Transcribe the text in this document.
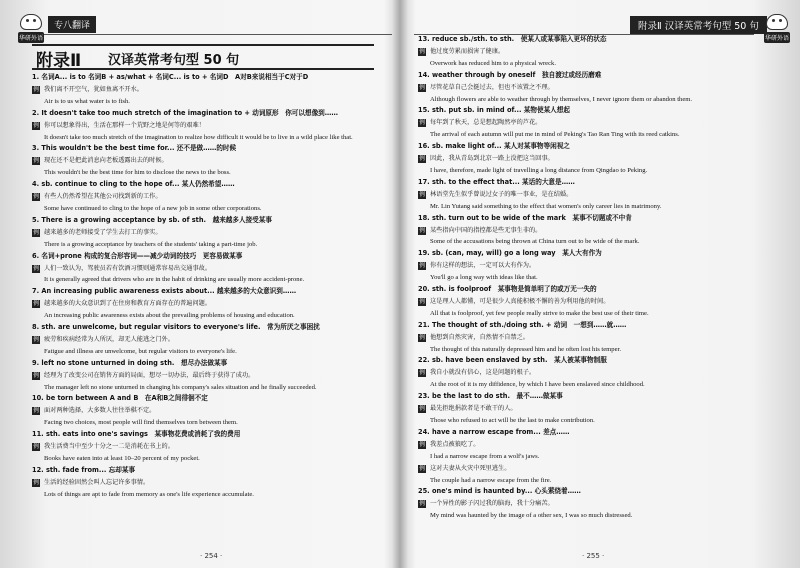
华研外语
专八翻译
附录Ⅱ 汉译英常考句型 50 句
1. 名词A... is to 名词B + as/what + 名词C... is to + 名词D　A对B来说相当于C对于D
例 我们离不开空气，犹如鱼离不开水。
Air is to us what water is to fish.
2. It doesn't take too much stretch of the imagination to + 动词原形　你可以想像到……
例 你可以想象得出，生活在那样一个荒野之地是何等的艰难！
It doesn't take too much stretch of the imagination to realize how difficult it would be to live in a wild place like that.
3. This wouldn't be the best time for... 还不是做……的时候
例 现在还不是把此消息向老板透露出去的时候。
This wouldn't be the best time for him to disclose the news to the boss.
4. sb. continue to cling to the hope of... 某人仍然希望……
例 有些人仍然希望在其他公司找到新的工作。
Some have continued to cling to the hope of a new job in some other corporations.
5. There is a growing acceptance by sb. of sth.　越来越多人接受某事
例 越来越多的老师接受了学生去打工的事实。
There is a growing acceptance by teachers of the students' taking a part-time job.
6. 名词+prone 构成的复合形容词——减少动词的技巧　更容易做某事
例 人们一致认为，驾驶员若有饮酒习惯则通常容易出交通事故。
It is generally agreed that drivers who are in the habit of drinking are usually more accident-prone.
7. An increasing public awareness exists about... 越来越多的大众意识到……
例 越来越多的大众意识到了在住房和教育方面存在的普遍问题。
An increasing public awareness exists about the prevailing problems of housing and education.
8. sth. are unwelcome, but regular visitors to everyone's life.　常为所厌之事困扰
例 疲劳和疾病经常为人所厌，却无人能逃之门外。
Fatigue and illness are unwelcome, but regular visitors to everyone's life.
9. left no stone unturned in doing sth.　想尽办法做某事
例 经理为了改变公司在销售方面的局面，想尽一切办法，最后终于获得了成功。
The manager left no stone unturned in changing his company's sales situation and he finally succeeded.
10. be torn between A and B　在A和B之间徘徊不定
例 面对两种选择，大多数人往往举棋不定。
Facing two choices, most people will find themselves torn between them.
11. sth. eats into one's savings　某事物花费或消耗了我的费用
例 我生活费当中至少十分之一二是消耗在书上的。
Books have eaten into at least 10–20 percent of my pocket.
12. sth. fade from... 忘却某事
例 生活的经验固然会叫人忘记许多事情。
Lots of things are apt to fade from memory as one's life experience accumulate.
· 254 ·
附录Ⅱ 汉译英常考句型 50 句
华研外语
13. reduce sb./sth. to sth.　使某人或某事陷入更坏的状态
例 他过度劳累而损害了健康。
Overwork has reduced him to a physical wreck.
14. weather through by oneself　独自渡过或经历磨难
例 尽管花草自己会挺过去，但也不该置之不理。
Although flowers are able to weather through by themselves, I never ignore them or abandon them.
15. sth. put sb. in mind of... 某物使某人想起
例 每年到了秋天，总是想起陶然亭的芦花。
The arrival of each autumn will put me in mind of Peking's Tao Ran Ting with its reed catkins.
16. sb. make light of... 某人对某事物等闲视之
例 因此，我从青岛到北京一路上没把这当回事。
I have, therefore, made light of travelling a long distance from Qingdao to Peking.
17. sth. to the effect that... 某话的大意是……
例 林语堂先生似乎曾说过女子的唯一事业，是在结婚。
Mr. Lin Yutang said something to the effect that women's only career lies in matrimony.
18. sth. turn out to be wide of the mark　某事不切题或不中肯
例 某些指向中国的指控都是些无事生非的。
Some of the accusations being thrown at China turn out to be wide of the mark.
19. sb. (can, may, will) go a long way　某人大有作为
例 你有这样的想法，一定可以大有作为。
You'll go a long way with ideas like that.
20. sth. is foolproof　某事物是简单明了的或万无一失的
例 这是理人人都懂，可是很少人真能积极不懈的善为利用他的时间。
All that is foolproof, yet few people really strive to make the best use of their time.
21. The thought of sth./doing sth. + 动词　一想到……就……
例 他想到自然灾害，自然情不自禁乏。
The thought of this naturally depressed him and he often lost his temper.
22. sb. have been enslaved by sth.　某人被某事物制服
例 我自小就没有信心，这是问题的根子。
At the root of it is my diffidence, by which I have been enslaved since childhood.
23. be the last to do sth.　最不……做某事
例 最先拒绝捐款者是不敢干的人。
Those who refused to act will be the last to make contribution.
24. have a narrow escape from... 差点……
例 我差点被狼吃了。
I had a narrow escape from a wolf's jaws.
例 这对夫妻从火灾中死里逃生。
The couple had a narrow escape from the fire.
25. one's mind is haunted by... 心头萦绕着……
例 一个异性的影子闪过我的脑海，我十分痛苦。
My mind was haunted by the image of a other sex, I was so much distressed.
· 255 ·
